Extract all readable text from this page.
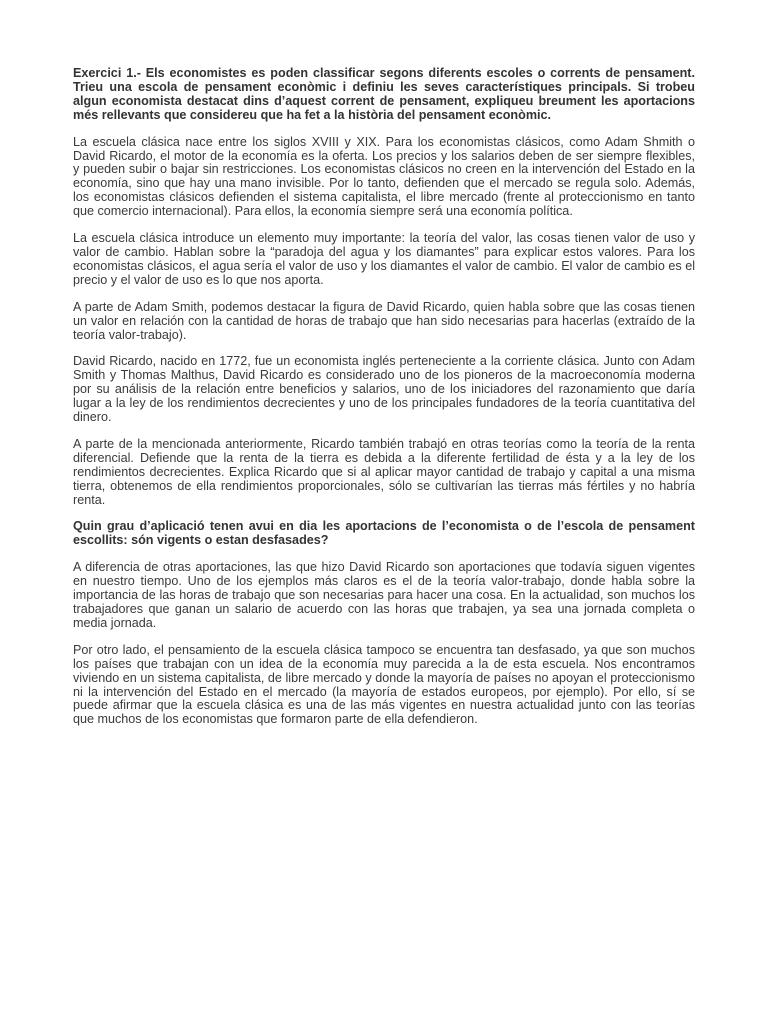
Exercici 1.- Els economistes es poden classificar segons diferents escoles o corrents de pensament. Trieu una escola de pensament econòmic i definiu les seves característiques principals. Si trobeu algun economista destacat dins d’aquest corrent de pensament, expliqueu breument les aportacions més rellevants que considereu que ha fet a la història del pensament econòmic.

La escuela clásica nace entre los siglos XVIII y XIX. Para los economistas clásicos, como Adam Shmith o David Ricardo, el motor de la economía es la oferta. Los precios y los salarios deben de ser siempre flexibles, y pueden subir o bajar sin restricciones. Los economistas clásicos no creen en la intervención del Estado en la economía, sino que hay una mano invisible. Por lo tanto, defienden que el mercado se regula solo. Además, los economistas clásicos defienden el sistema capitalista, el libre mercado (frente al proteccionismo en tanto que comercio internacional). Para ellos, la economía siempre será una economía política.

La escuela clásica introduce un elemento muy importante: la teoría del valor, las cosas tienen valor de uso y valor de cambio. Hablan sobre la “paradoja del agua y los diamantes” para explicar estos valores. Para los economistas clásicos, el agua sería el valor de uso y los diamantes el valor de cambio. El valor de cambio es el precio y el valor de uso es lo que nos aporta.

A parte de Adam Smith, podemos destacar la figura de David Ricardo, quien habla sobre que las cosas tienen un valor en relación con la cantidad de horas de trabajo que han sido necesarias para hacerlas (extraído de la teoría valor-trabajo).

David Ricardo, nacido en 1772, fue un economista inglés perteneciente a la corriente clásica. Junto con Adam Smith y Thomas Malthus, David Ricardo es considerado uno de los pioneros de la macroeconomía moderna por su análisis de la relación entre beneficios y salarios, uno de los iniciadores del razonamiento que daría lugar a la ley de los rendimientos decrecientes y uno de los principales fundadores de la teoría cuantitativa del dinero.

A parte de la mencionada anteriormente, Ricardo también trabajó en otras teorías como la teoría de la renta diferencial. Defiende que la renta de la tierra es debida a la diferente fertilidad de ésta y a la ley de los rendimientos decrecientes. Explica Ricardo que si al aplicar mayor cantidad de trabajo y capital a una misma tierra, obtenemos de ella rendimientos proporcionales, sólo se cultivarían las tierras más fértiles y no habría renta.

Quin grau d’aplicació tenen avui en dia les aportacions de l’economista o de l’escola de pensament escollits: són vigents o estan desfasades?

A diferencia de otras aportaciones, las que hizo David Ricardo son aportaciones que todavía siguen vigentes en nuestro tiempo. Uno de los ejemplos más claros es el de la teoría valor-trabajo, donde habla sobre la importancia de las horas de trabajo que son necesarias para hacer una cosa. En la actualidad, son muchos los trabajadores que ganan un salario de acuerdo con las horas que trabajen, ya sea una jornada completa o media jornada.

Por otro lado, el pensamiento de la escuela clásica tampoco se encuentra tan desfasado, ya que son muchos los países que trabajan con un idea de la economía muy parecida a la de esta escuela. Nos encontramos viviendo en un sistema capitalista, de libre mercado y donde la mayoría de países no apoyan el proteccionismo ni la intervención del Estado en el mercado (la mayoría de estados europeos, por ejemplo). Por ello, sí se puede afirmar que la escuela clásica es una de las más vigentes en nuestra actualidad junto con las teorías que muchos de los economistas que formaron parte de ella defendieron.
